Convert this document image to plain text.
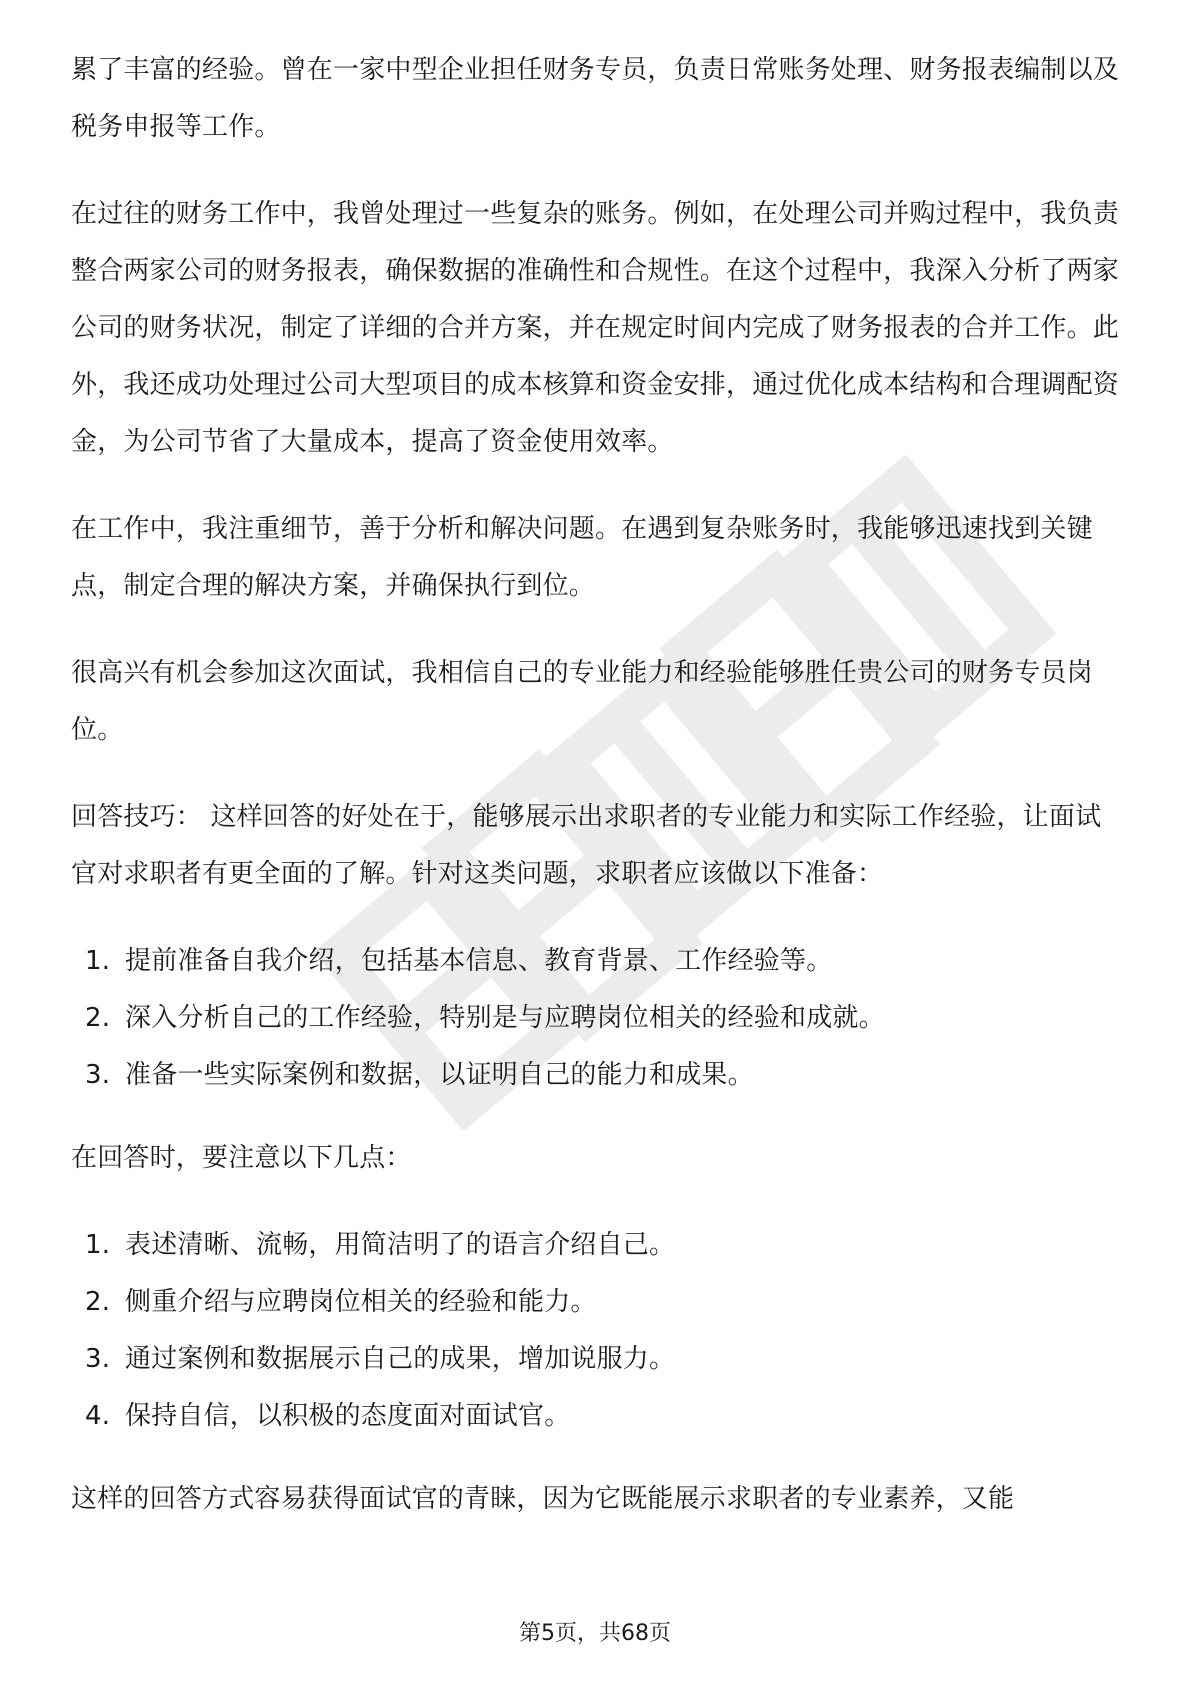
累了丰富的经验。曾在一家中型企业担任财务专员，负责日常账务处理、财务报表编制以及税务申报等工作。

在过往的财务工作中，我曾处理过一些复杂的账务。例如，在处理公司并购过程中，我负责整合两家公司的财务报表，确保数据的准确性和合规性。在这个过程中，我深入分析了两家公司的财务状况，制定了详细的合并方案，并在规定时间内完成了财务报表的合并工作。此外，我还成功处理过公司大型项目的成本核算和资金安排，通过优化成本结构和合理调配资金，为公司节省了大量成本，提高了资金使用效率。

在工作中，我注重细节，善于分析和解决问题。在遇到复杂账务时，我能够迅速找到关键点，制定合理的解决方案，并确保执行到位。

很高兴有机会参加这次面试，我相信自己的专业能力和经验能够胜任贵公司的财务专员岗位。

回答技巧： 这样回答的好处在于，能够展示出求职者的专业能力和实际工作经验，让面试官对求职者有更全面的了解。针对这类问题，求职者应该做以下准备：

1. 提前准备自我介绍，包括基本信息、教育背景、工作经验等。
2. 深入分析自己的工作经验，特别是与应聘岗位相关的经验和成就。
3. 准备一些实际案例和数据，以证明自己的能力和成果。

在回答时，要注意以下几点：

1. 表述清晰、流畅，用简洁明了的语言介绍自己。
2. 侧重介绍与应聘岗位相关的经验和能力。
3. 通过案例和数据展示自己的成果，增加说服力。
4. 保持自信，以积极的态度面对面试官。

这样的回答方式容易获得面试官的青睐，因为它既能展示求职者的专业素养，又能

第5页，共68页
